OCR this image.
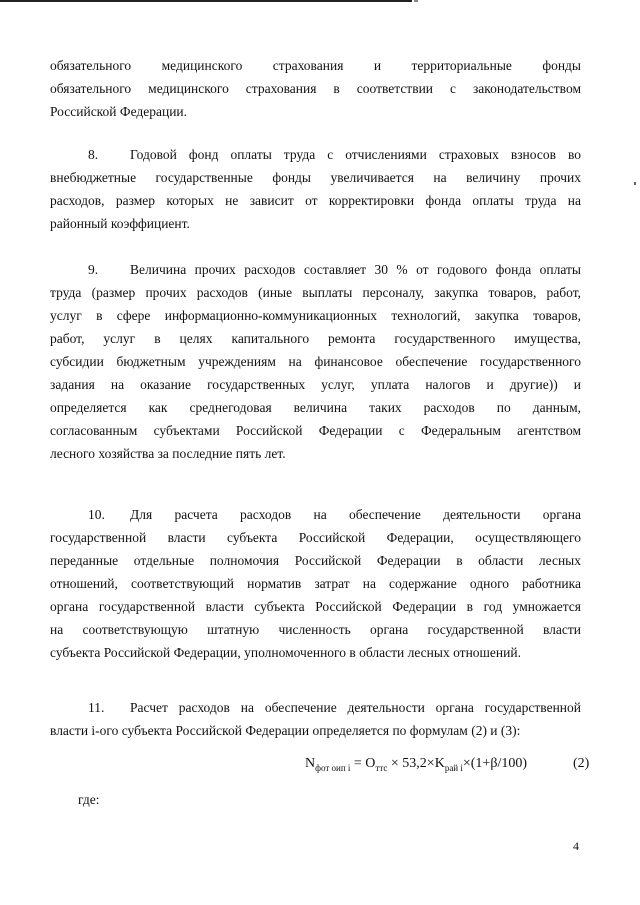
обязательного медицинского страхования и территориальные фонды
обязательного медицинского страхования в соответствии с законодательством
Российской Федерации.
8. Годовой фонд оплаты труда с отчислениями страховых взносов во
внебюджетные государственные фонды увеличивается на величину прочих
расходов, размер которых не зависит от корректировки фонда оплаты труда на
районный коэффициент.
9. Величина прочих расходов составляет 30 % от годового фонда оплаты
труда (размер прочих расходов (иные выплаты персоналу, закупка товаров, работ,
услуг в сфере информационно-коммуникационных технологий, закупка товаров,
работ, услуг в целях капитального ремонта государственного имущества,
субсидии бюджетным учреждениям на финансовое обеспечение государственного
задания на оказание государственных услуг, уплата налогов и другие)) и
определяется как среднегодовая величина таких расходов по данным,
согласованным субъектами Российской Федерации с Федеральным агентством
лесного хозяйства за последние пять лет.
10. Для расчета расходов на обеспечение деятельности органа
государственной власти субъекта Российской Федерации, осуществляющего
переданные отдельные полномочия Российской Федерации в области лесных
отношений, соответствующий норматив затрат на содержание одного работника
органа государственной власти субъекта Российской Федерации в год умножается
на соответствующую штатную численность органа государственной власти
субъекта Российской Федерации, уполномоченного в области лесных отношений.
11. Расчет расходов на обеспечение деятельности органа государственной
власти i-ого субъекта Российской Федерации определяется по формулам (2) и (3):
$N_{фот оип i} = O_{ттс} \times 53,2\times K_{рай i}\times(1+\beta/100)$	(2)
где:
4
